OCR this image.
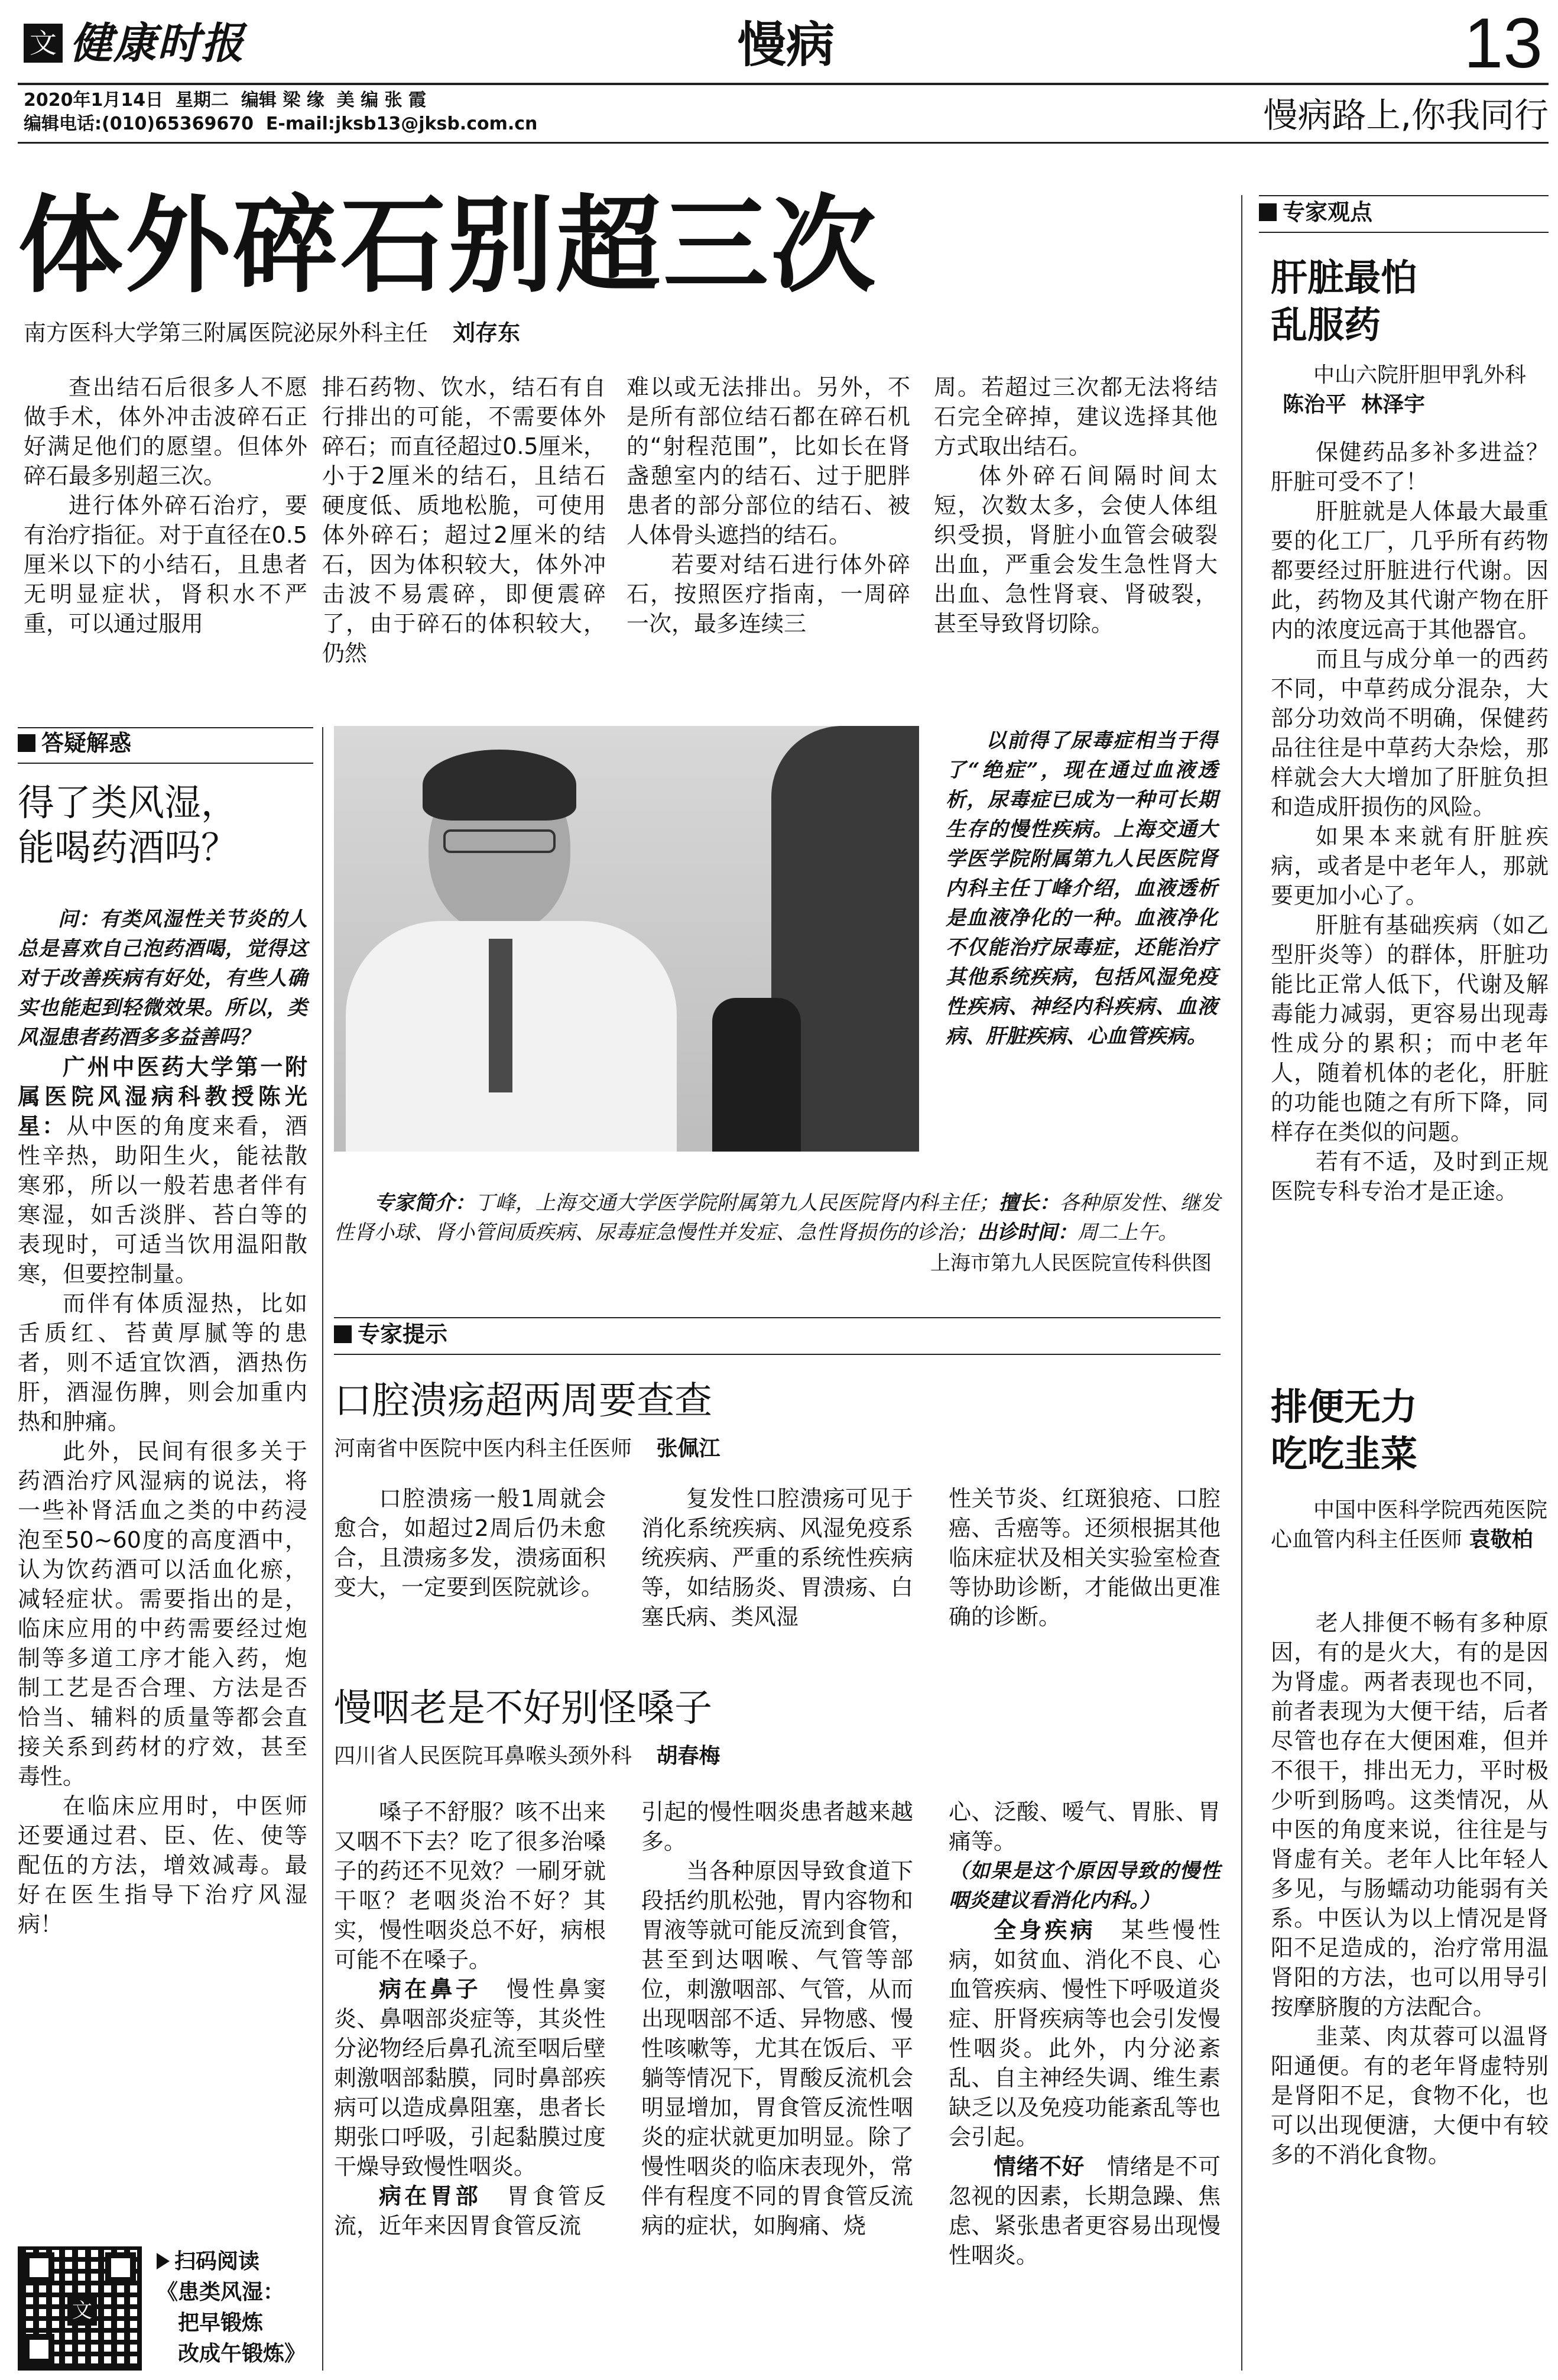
文 健康时报	慢病	13
2020年1月14日  星期二  编辑 梁 缘  美 编 张 霞
编辑电话:(010)65369670  E-mail:jksb13@jksb.com.cn	慢病路上,你我同行
体外碎石别超三次
南方医科大学第三附属医院泌尿外科主任 刘存东

查出结石后很多人不愿做手术，体外冲击波碎石正好满足他们的愿望。但体外碎石最多别超三次。

进行体外碎石治疗，要有治疗指征。对于直径在0.5厘米以下的小结石，且患者无明显症状，肾积水不严重，可以通过服用

排石药物、饮水，结石有自行排出的可能，不需要体外碎石；而直径超过0.5厘米，小于2厘米的结石，且结石硬度低、质地松脆，可使用体外碎石；超过2厘米的结石，因为体积较大，体外冲击波不易震碎，即便震碎了，由于碎石的体积较大，仍然

难以或无法排出。另外，不是所有部位结石都在碎石机的“射程范围”，比如长在肾盏憩室内的结石、过于肥胖患者的部分部位的结石、被人体骨头遮挡的结石。

若要对结石进行体外碎石，按照医疗指南，一周碎一次，最多连续三

周。若超过三次都无法将结石完全碎掉，建议选择其他方式取出结石。

体外碎石间隔时间太短，次数太多，会使人体组织受损，肾脏小血管会破裂出血，严重会发生急性肾大出血、急性肾衰、肾破裂，甚至导致肾切除。

答疑解惑
得了类风湿，
能喝药酒吗？

问：有类风湿性关节炎的人总是喜欢自己泡药酒喝，觉得这对于改善疾病有好处，有些人确实也能起到轻微效果。所以，类风湿患者药酒多多益善吗？

广州中医药大学第一附属医院风湿病科教授陈光星：从中医的角度来看，酒性辛热，助阳生火，能祛散寒邪，所以一般若患者伴有寒湿，如舌淡胖、苔白等的表现时，可适当饮用温阳散寒，但要控制量。

而伴有体质湿热，比如舌质红、苔黄厚腻等的患者，则不适宜饮酒，酒热伤肝，酒湿伤脾，则会加重内热和肿痛。

此外，民间有很多关于药酒治疗风湿病的说法，将一些补肾活血之类的中药浸泡至50~60度的高度酒中，认为饮药酒可以活血化瘀，减轻症状。需要指出的是，临床应用的中药需要经过炮制等多道工序才能入药，炮制工艺是否合理、方法是否恰当、辅料的质量等都会直接关系到药材的疗效，甚至毒性。

在临床应用时，中医师还要通过君、臣、佐、使等配伍的方法，增效减毒。最好在医生指导下治疗风湿病！

文
扫码阅读
《患类风湿：
把早锻炼
改成午锻炼》
以前得了尿毒症相当于得了“绝症”，现在通过血液透析，尿毒症已成为一种可长期生存的慢性疾病。上海交通大学医学院附属第九人民医院肾内科主任丁峰介绍，血液透析是血液净化的一种。血液净化不仅能治疗尿毒症，还能治疗其他系统疾病，包括风湿免疫性疾病、神经内科疾病、血液病、肝脏疾病、心血管疾病。
专家简介：丁峰，上海交通大学医学院附属第九人民医院肾内科主任；擅长：各种原发性、继发性肾小球、肾小管间质疾病、尿毒症急慢性并发症、急性肾损伤的诊治；出诊时间：周二上午。
上海市第九人民医院宣传科供图
专家提示
口腔溃疡超两周要查查
河南省中医院中医内科主任医师 张佩江

口腔溃疡一般1周就会愈合，如超过2周后仍未愈合，且溃疡多发，溃疡面积变大，一定要到医院就诊。

复发性口腔溃疡可见于消化系统疾病、风湿免疫系统疾病、严重的系统性疾病等，如结肠炎、胃溃疡、白塞氏病、类风湿

性关节炎、红斑狼疮、口腔癌、舌癌等。还须根据其他临床症状及相关实验室检查等协助诊断，才能做出更准确的诊断。

慢咽老是不好别怪嗓子
四川省人民医院耳鼻喉头颈外科 胡春梅

嗓子不舒服？咳不出来又咽不下去？吃了很多治嗓子的药还不见效？一刷牙就干呕？老咽炎治不好？其实，慢性咽炎总不好，病根可能不在嗓子。

病在鼻子　 慢性鼻窦炎、鼻咽部炎症等，其炎性分泌物经后鼻孔流至咽后壁刺激咽部黏膜，同时鼻部疾病可以造成鼻阻塞，患者长期张口呼吸，引起黏膜过度干燥导致慢性咽炎。

病在胃部　 胃食管反流，近年来因胃食管反流

引起的慢性咽炎患者越来越多。

当各种原因导致食道下段括约肌松弛，胃内容物和胃液等就可能反流到食管，甚至到达咽喉、气管等部位，刺激咽部、气管，从而出现咽部不适、异物感、慢性咳嗽等，尤其在饭后、平躺等情况下，胃酸反流机会明显增加，胃食管反流性咽炎的症状就更加明显。除了慢性咽炎的临床表现外，常伴有程度不同的胃食管反流病的症状，如胸痛、烧

心、泛酸、嗳气、胃胀、胃痛等。

（如果是这个原因导致的慢性咽炎建议看消化内科。）

全身疾病　 某些慢性病，如贫血、消化不良、心血管疾病、慢性下呼吸道炎症、肝肾疾病等也会引发慢性咽炎。此外，内分泌紊乱、自主神经失调、维生素缺乏以及免疫功能紊乱等也会引起。

情绪不好　 情绪是不可忽视的因素，长期急躁、焦虑、紧张患者更容易出现慢性咽炎。

专家观点
肝脏最怕
乱服药
中山六院肝胆甲乳外科 陈治平  林泽宇

保健药品多补多进益？肝脏可受不了！

肝脏就是人体最大最重要的化工厂，几乎所有药物都要经过肝脏进行代谢。因此，药物及其代谢产物在肝内的浓度远高于其他器官。

而且与成分单一的西药不同，中草药成分混杂，大部分功效尚不明确，保健药品往往是中草药大杂烩，那样就会大大增加了肝脏负担和造成肝损伤的风险。

如果本来就有肝脏疾病，或者是中老年人，那就要更加小心了。

肝脏有基础疾病（如乙型肝炎等）的群体，肝脏功能比正常人低下，代谢及解毒能力减弱，更容易出现毒性成分的累积；而中老年人，随着机体的老化，肝脏的功能也随之有所下降，同样存在类似的问题。

若有不适，及时到正规医院专科专治才是正途。

排便无力
吃吃韭菜
中国中医科学院西苑医院心血管内科主任医师 袁敬柏

老人排便不畅有多种原因，有的是火大，有的是因为肾虚。两者表现也不同，前者表现为大便干结，后者尽管也存在大便困难，但并不很干，排出无力，平时极少听到肠鸣。这类情况，从中医的角度来说，往往是与肾虚有关。老年人比年轻人多见，与肠蠕动功能弱有关系。中医认为以上情况是肾阳不足造成的，治疗常用温肾阳的方法，也可以用导引按摩脐腹的方法配合。

韭菜、肉苁蓉可以温肾阳通便。有的老年肾虚特别是肾阳不足，食物不化，也可以出现便溏，大便中有较多的不消化食物。
